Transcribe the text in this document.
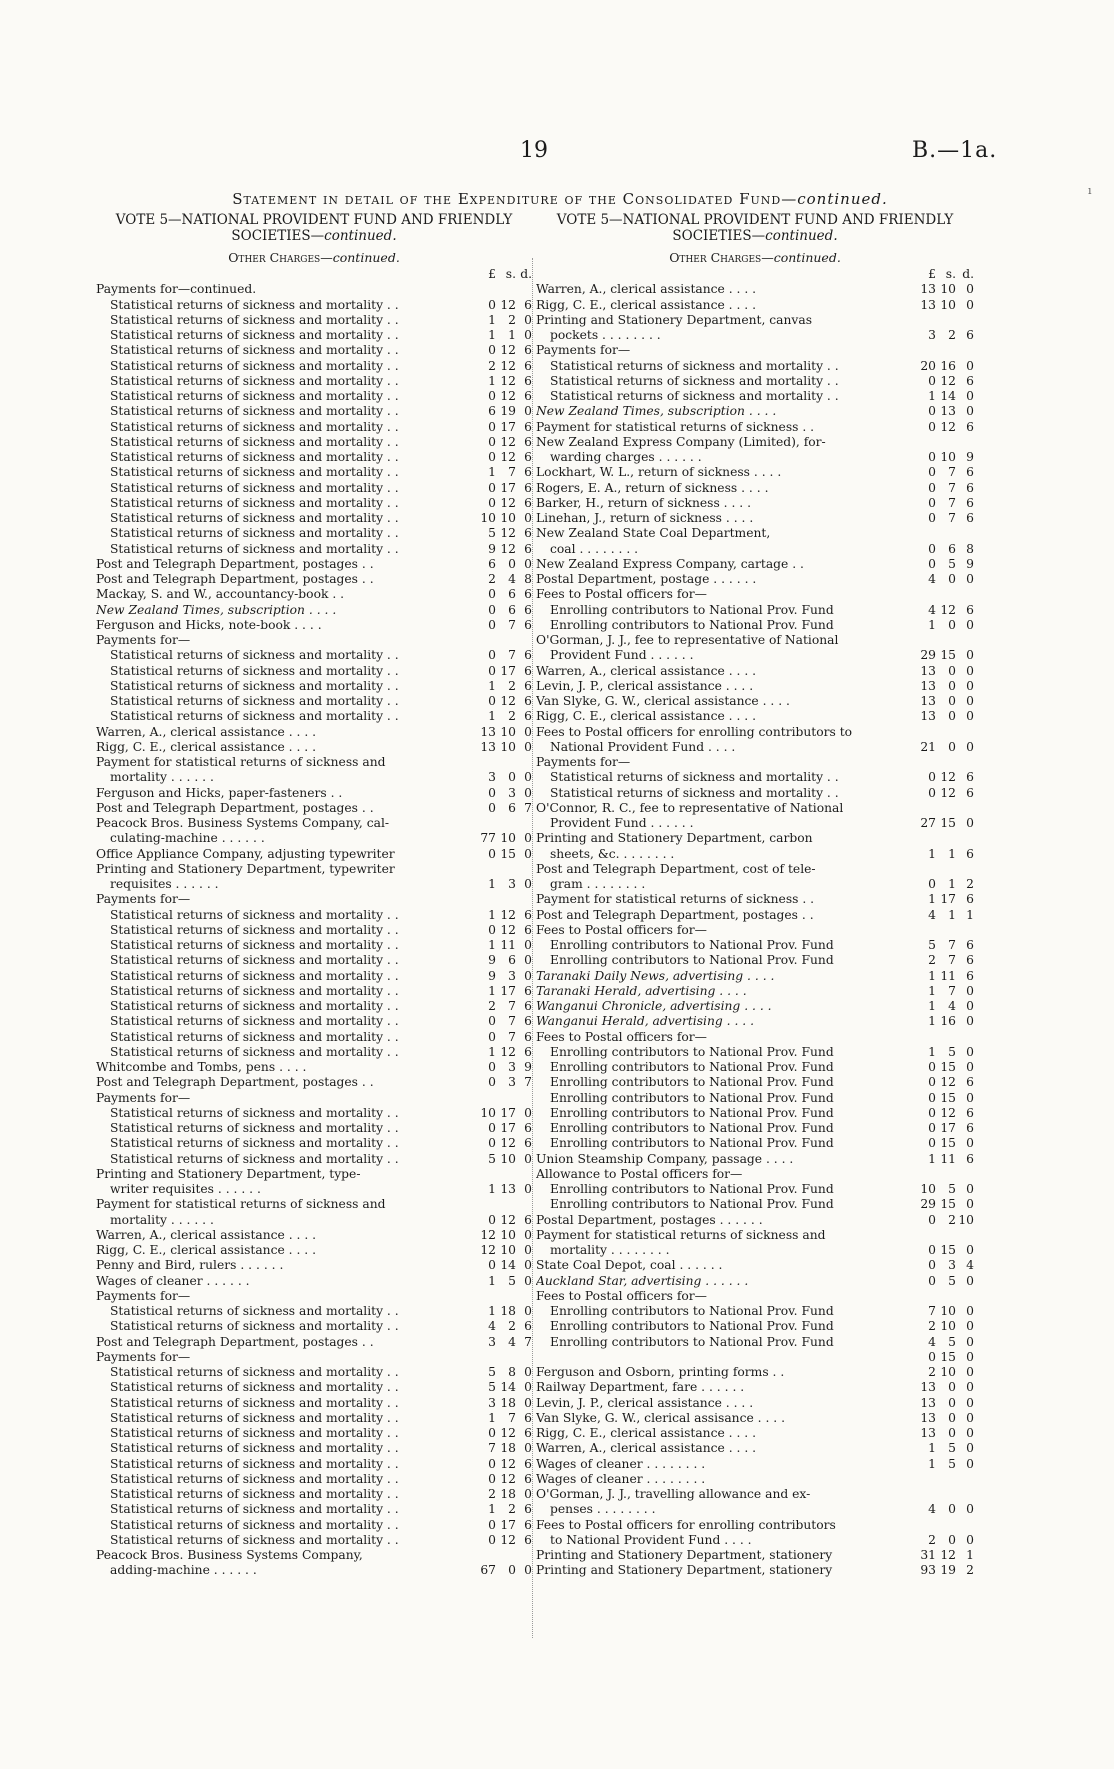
19	B.—1a.
ı
Statement in detail of the Expenditure of the Consolidated Fund—continued.
VOTE 5—NATIONAL PROVIDENT FUND AND FRIENDLY SOCIETIES—continued.
Other Charges—continued.
£ s. d.
Payments for—continued.
Statistical returns of sickness and mortality . .	0 12 6
Statistical returns of sickness and mortality . .	1 2 0
Statistical returns of sickness and mortality . .	1 1 0
Statistical returns of sickness and mortality . .	0 12 6
Statistical returns of sickness and mortality . .	2 12 6
Statistical returns of sickness and mortality . .	1 12 6
Statistical returns of sickness and mortality . .	0 12 6
Statistical returns of sickness and mortality . .	6 19 0
Statistical returns of sickness and mortality . .	0 17 6
Statistical returns of sickness and mortality . .	0 12 6
Statistical returns of sickness and mortality . .	0 12 6
Statistical returns of sickness and mortality . .	1 7 6
Statistical returns of sickness and mortality . .	0 17 6
Statistical returns of sickness and mortality . .	0 12 6
Statistical returns of sickness and mortality . .	10 10 0
Statistical returns of sickness and mortality . .	5 12 6
Statistical returns of sickness and mortality . .	9 12 6
Post and Telegraph Department, postages . .	6 0 0
Post and Telegraph Department, postages . .	2 4 8
Mackay, S. and W., accountancy-book . .	0 6 6
New Zealand Times, subscription . . . .	0 6 6
Ferguson and Hicks, note-book . . . .	0 7 6
Payments for—
Statistical returns of sickness and mortality . .	0 7 6
Statistical returns of sickness and mortality . .	0 17 6
Statistical returns of sickness and mortality . .	1 2 6
Statistical returns of sickness and mortality . .	0 12 6
Statistical returns of sickness and mortality . .	1 2 6
Warren, A., clerical assistance . . . .	13 10 0
Rigg, C. E., clerical assistance . . . .	13 10 0
Payment for statistical returns of sickness and
mortality . . . . . .	3 0 0
Ferguson and Hicks, paper-fasteners . .	0 3 0
Post and Telegraph Department, postages . .	0 6 7
Peacock Bros. Business Systems Company, cal-
culating-machine . . . . . .	77 10 0
Office Appliance Company, adjusting typewriter	0 15 0
Printing and Stationery Department, typewriter
requisites . . . . . .	1 3 0
Payments for—
Statistical returns of sickness and mortality . .	1 12 6
Statistical returns of sickness and mortality . .	0 12 6
Statistical returns of sickness and mortality . .	1 11 0
Statistical returns of sickness and mortality . .	9 6 0
Statistical returns of sickness and mortality . .	9 3 0
Statistical returns of sickness and mortality . .	1 17 6
Statistical returns of sickness and mortality . .	2 7 6
Statistical returns of sickness and mortality . .	0 7 6
Statistical returns of sickness and mortality . .	0 7 6
Statistical returns of sickness and mortality . .	1 12 6
Whitcombe and Tombs, pens . . . .	0 3 9
Post and Telegraph Department, postages . .	0 3 7
Payments for—
Statistical returns of sickness and mortality . .	10 17 0
Statistical returns of sickness and mortality . .	0 17 6
Statistical returns of sickness and mortality . .	0 12 6
Statistical returns of sickness and mortality . .	5 10 0
Printing and Stationery Department, type-
writer requisites . . . . . .	1 13 0
Payment for statistical returns of sickness and
mortality . . . . . .	0 12 6
Warren, A., clerical assistance . . . .	12 10 0
Rigg, C. E., clerical assistance . . . .	12 10 0
Penny and Bird, rulers . . . . . .	0 14 0
Wages of cleaner . . . . . .	1 5 0
Payments for—
Statistical returns of sickness and mortality . .	1 18 0
Statistical returns of sickness and mortality . .	4 2 6
Post and Telegraph Department, postages . .	3 4 7
Payments for—
Statistical returns of sickness and mortality . .	5 8 0
Statistical returns of sickness and mortality . .	5 14 0
Statistical returns of sickness and mortality . .	3 18 0
Statistical returns of sickness and mortality . .	1 7 6
Statistical returns of sickness and mortality . .	0 12 6
Statistical returns of sickness and mortality . .	7 18 0
Statistical returns of sickness and mortality . .	0 12 6
Statistical returns of sickness and mortality . .	0 12 6
Statistical returns of sickness and mortality . .	2 18 0
Statistical returns of sickness and mortality . .	1 2 6
Statistical returns of sickness and mortality . .	0 17 6
Statistical returns of sickness and mortality . .	0 12 6
Peacock Bros. Business Systems Company,
adding-machine . . . . . .	67 0 0
VOTE 5—NATIONAL PROVIDENT FUND AND FRIENDLY SOCIETIES—continued.
Other Charges—continued.
£ s. d.
Warren, A., clerical assistance . . . .	13 10 0
Rigg, C. E., clerical assistance . . . .	13 10 0
Printing and Stationery Department, canvas
pockets . . . . . . . .	3 2 6
Payments for—
Statistical returns of sickness and mortality . .	20 16 0
Statistical returns of sickness and mortality . .	0 12 6
Statistical returns of sickness and mortality . .	1 14 0
New Zealand Times, subscription . . . .	0 13 0
Payment for statistical returns of sickness . .	0 12 6
New Zealand Express Company (Limited), for-
warding charges . . . . . .	0 10 9
Lockhart, W. L., return of sickness . . . .	0 7 6
Rogers, E. A., return of sickness . . . .	0 7 6
Barker, H., return of sickness . . . .	0 7 6
Linehan, J., return of sickness . . . .	0 7 6
New Zealand State Coal Department,
coal . . . . . . . .	0 6 8
New Zealand Express Company, cartage . .	0 5 9
Postal Department, postage . . . . . .	4 0 0
Fees to Postal officers for—
Enrolling contributors to National Prov. Fund	4 12 6
Enrolling contributors to National Prov. Fund	1 0 0
O'Gorman, J. J., fee to representative of National
Provident Fund . . . . . .	29 15 0
Warren, A., clerical assistance . . . .	13 0 0
Levin, J. P., clerical assistance . . . .	13 0 0
Van Slyke, G. W., clerical assistance . . . .	13 0 0
Rigg, C. E., clerical assistance . . . .	13 0 0
Fees to Postal officers for enrolling contributors to
National Provident Fund . . . .	21 0 0
Payments for—
Statistical returns of sickness and mortality . .	0 12 6
Statistical returns of sickness and mortality . .	0 12 6
O'Connor, R. C., fee to representative of National
Provident Fund . . . . . .	27 15 0
Printing and Stationery Department, carbon
sheets, &c. . . . . . . .	1 1 6
Post and Telegraph Department, cost of tele-
gram . . . . . . . .	0 1 2
Payment for statistical returns of sickness . .	1 17 6
Post and Telegraph Department, postages . .	4 1 1
Fees to Postal officers for—
Enrolling contributors to National Prov. Fund	5 7 6
Enrolling contributors to National Prov. Fund	2 7 6
Taranaki Daily News, advertising . . . .	1 11 6
Taranaki Herald, advertising . . . .	1 7 0
Wanganui Chronicle, advertising . . . .	1 4 0
Wanganui Herald, advertising . . . .	1 16 0
Fees to Postal officers for—
Enrolling contributors to National Prov. Fund	1 5 0
Enrolling contributors to National Prov. Fund	0 15 0
Enrolling contributors to National Prov. Fund	0 12 6
Enrolling contributors to National Prov. Fund	0 15 0
Enrolling contributors to National Prov. Fund	0 12 6
Enrolling contributors to National Prov. Fund	0 17 6
Enrolling contributors to National Prov. Fund	0 15 0
Union Steamship Company, passage . . . .	1 11 6
Allowance to Postal officers for—
Enrolling contributors to National Prov. Fund	10 5 0
Enrolling contributors to National Prov. Fund	29 15 0
Postal Department, postages . . . . . .	0 2 10
Payment for statistical returns of sickness and
mortality . . . . . . . .	0 15 0
State Coal Depot, coal . . . . . .	0 3 4
Auckland Star, advertising . . . . . .	0 5 0
Fees to Postal officers for—
Enrolling contributors to National Prov. Fund	7 10 0
Enrolling contributors to National Prov. Fund	2 10 0
Enrolling contributors to National Prov. Fund	4 5 0
0 15 0
Ferguson and Osborn, printing forms . .	2 10 0
Railway Department, fare . . . . . .	13 0 0
Levin, J. P., clerical assistance . . . .	13 0 0
Van Slyke, G. W., clerical assisance . . . .	13 0 0
Rigg, C. E., clerical assistance . . . .	13 0 0
Warren, A., clerical assistance . . . .	1 5 0
Wages of cleaner . . . . . . . .	1 5 0
Wages of cleaner . . . . . . . .
O'Gorman, J. J., travelling allowance and ex-
penses . . . . . . . .	4 0 0
Fees to Postal officers for enrolling contributors
to National Provident Fund . . . .	2 0 0
Printing and Stationery Department, stationery	31 12 1
Printing and Stationery Department, stationery	93 19 2
